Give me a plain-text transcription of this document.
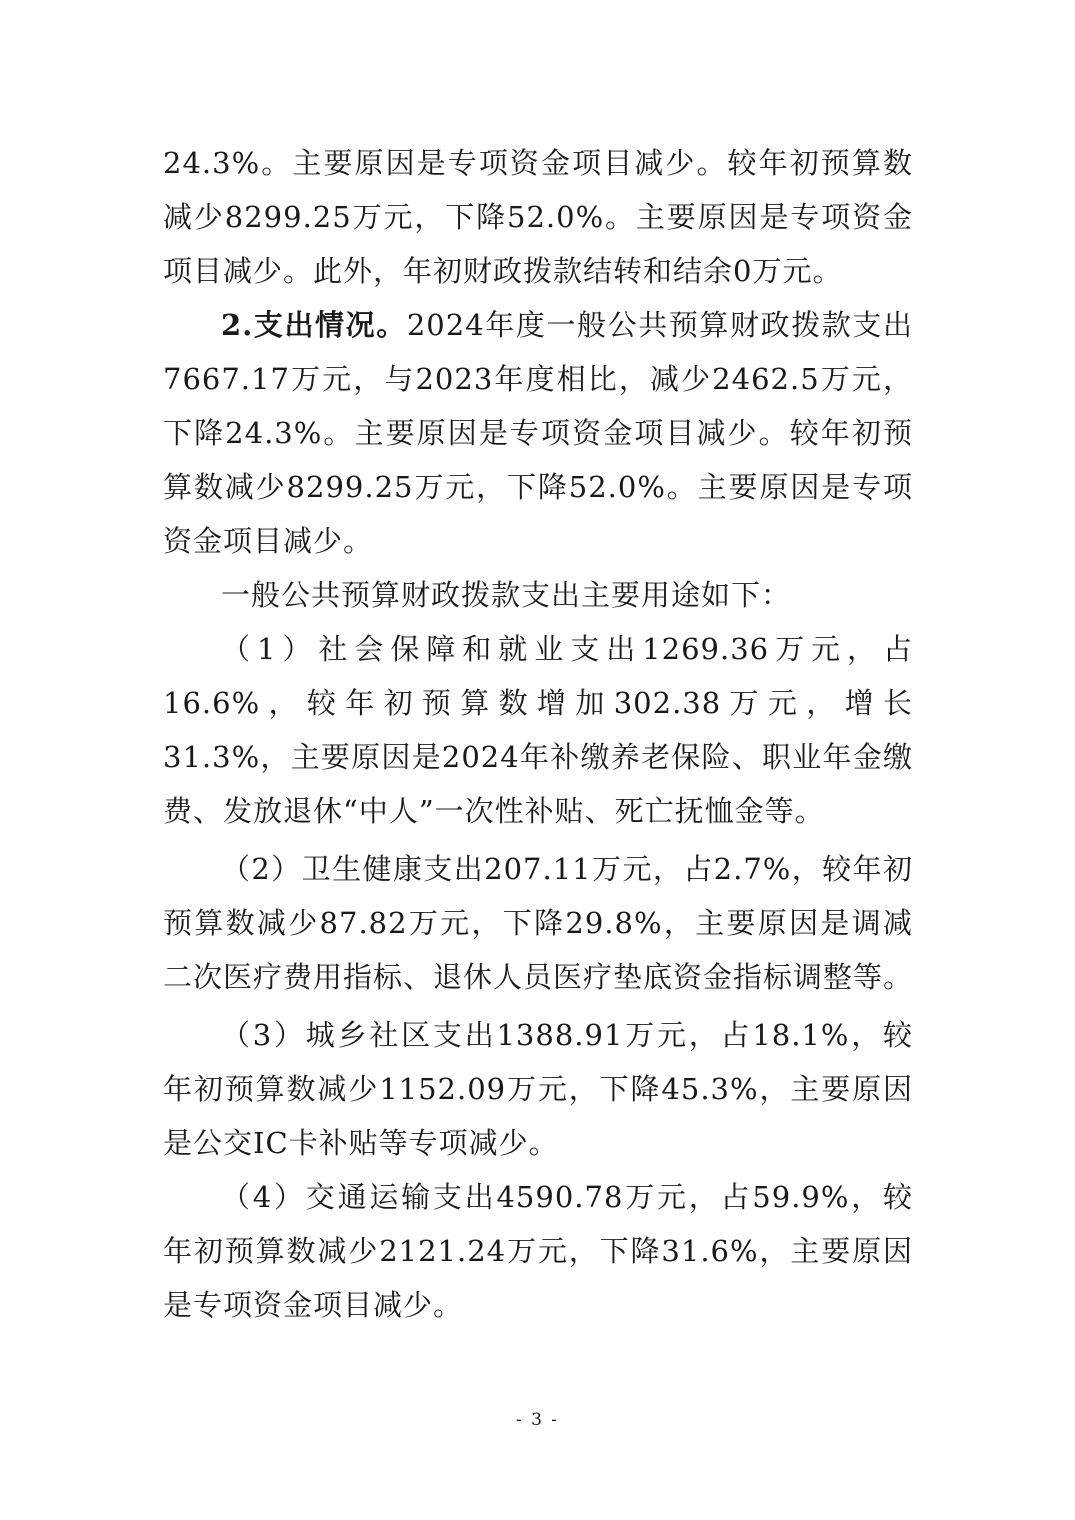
24.3%。主要原因是专项资金项目减少。较年初预算数减少8299.25万元，下降52.0%。主要原因是专项资金项目减少。此外，年初财政拨款结转和结余0万元。

2.支出情况。2024年度一般公共预算财政拨款支出7667.17万元，与2023年度相比，减少2462.5万元，下降24.3%。主要原因是专项资金项目减少。较年初预算数减少8299.25万元，下降52.0%。主要原因是专项资金项目减少。

一般公共预算财政拨款支出主要用途如下：

（1）社会保障和就业支出1269.36万元，占16.6%，较年初预算数增加302.38万元，增长31.3%，主要原因是2024年补缴养老保险、职业年金缴费、发放退休“中人”一次性补贴、死亡抚恤金等。

（2）卫生健康支出207.11万元，占2.7%，较年初预算数减少87.82万元，下降29.8%，主要原因是调减二次医疗费用指标、退休人员医疗垫底资金指标调整等。

（3）城乡社区支出1388.91万元，占18.1%，较年初预算数减少1152.09万元，下降45.3%，主要原因是公交IC卡补贴等专项减少。

（4）交通运输支出4590.78万元，占59.9%，较年初预算数减少2121.24万元，下降31.6%，主要原因是专项资金项目减少。

- 3 -
